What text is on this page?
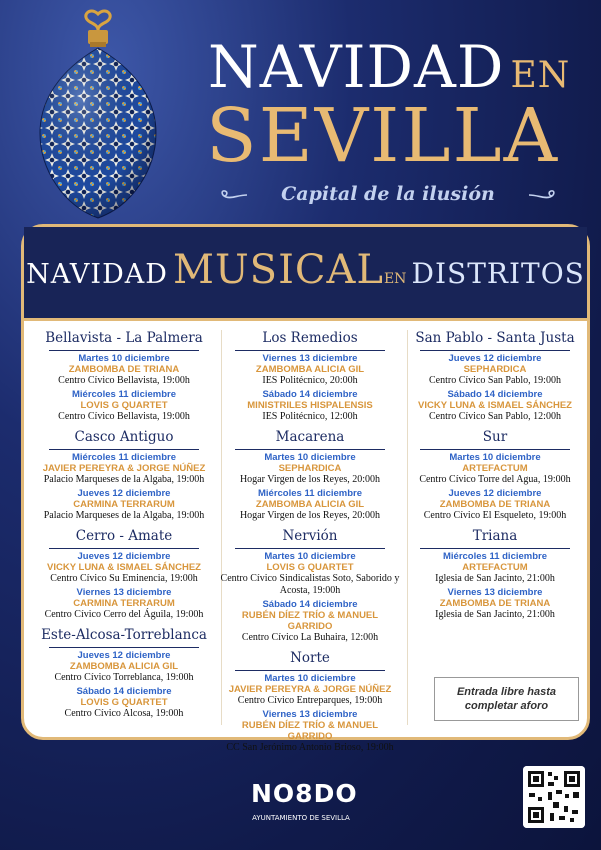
NAVIDAD EN
SEVILLA
Capital de la ilusión
NAVIDAD MUSICALEN DISTRITOS
Bellavista - La Palmera
Martes 10 diciembre
ZAMBOMBA DE TRIANA
Centro Cívico Bellavista, 19:00h
Miércoles 11 diciembre
LOVIS G QUARTET
Centro Cívico Bellavista, 19:00h
Casco Antiguo
Miércoles 11 diciembre
JAVIER PEREYRA & JORGE NÚÑEZ
Palacio Marqueses de la Algaba, 19:00h
Jueves 12 diciembre
CARMINA TERRARUM
Palacio Marqueses de la Algaba, 19:00h
Cerro - Amate
Jueves 12 diciembre
VICKY LUNA & ISMAEL SÁNCHEZ
Centro Cívico Su Eminencia, 19:00h
Viernes 13 diciembre
CARMINA TERRARUM
Centro Cívico Cerro del Águila, 19:00h
Este-Alcosa-Torreblanca
Jueves 12 diciembre
ZAMBOMBA ALICIA GIL
Centro Cívico Torreblanca, 19:00h
Sábado 14 diciembre
LOVIS G QUARTET
Centro Cívico Alcosa, 19:00h
Los Remedios
Viernes 13 diciembre
ZAMBOMBA ALICIA GIL
IES Politécnico, 20:00h
Sábado 14 diciembre
MINISTRILES HISPALENSIS
IES Politécnico, 12:00h
Macarena
Martes 10 diciembre
SEPHARDICA
Hogar Virgen de los Reyes, 20:00h
Miércoles 11 diciembre
ZAMBOMBA ALICIA GIL
Hogar Virgen de los Reyes, 20:00h
Nervión
Martes 10 diciembre
LOVIS G QUARTET
Centro Cívico Sindicalistas Soto, Saborido y Acosta, 19:00h
Sábado 14 diciembre
RUBÉN DÍEZ TRÍO & MANUEL GARRIDO
Centro Cívico La Buhaira, 12:00h
Norte
Martes 10 diciembre
JAVIER PEREYRA & JORGE NÚÑEZ
Centro Cívico Entreparques, 19:00h
Viernes 13 diciembre
RUBÉN DÍEZ TRÍO & MANUEL GARRIDO
CC San Jerónimo Antonio Brioso, 19:00h
San Pablo - Santa Justa
Jueves 12 diciembre
SEPHARDICA
Centro Cívico San Pablo, 19:00h
Sábado 14 diciembre
VICKY LUNA & ISMAEL SÁNCHEZ
Centro Cívico San Pablo, 12:00h
Sur
Martes 10 diciembre
ARTEFACTUM
Centro Cívico Torre del Agua, 19:00h
Jueves 12 diciembre
ZAMBOMBA DE TRIANA
Centro Cívico El Esqueleto, 19:00h
Triana
Miércoles 11 diciembre
ARTEFACTUM
Iglesia de San Jacinto, 21:00h
Viernes 13 diciembre
ZAMBOMBA DE TRIANA
Iglesia de San Jacinto, 21:00h
Entrada libre hasta completar aforo
NO8DO
AYUNTAMIENTO DE SEVILLA
